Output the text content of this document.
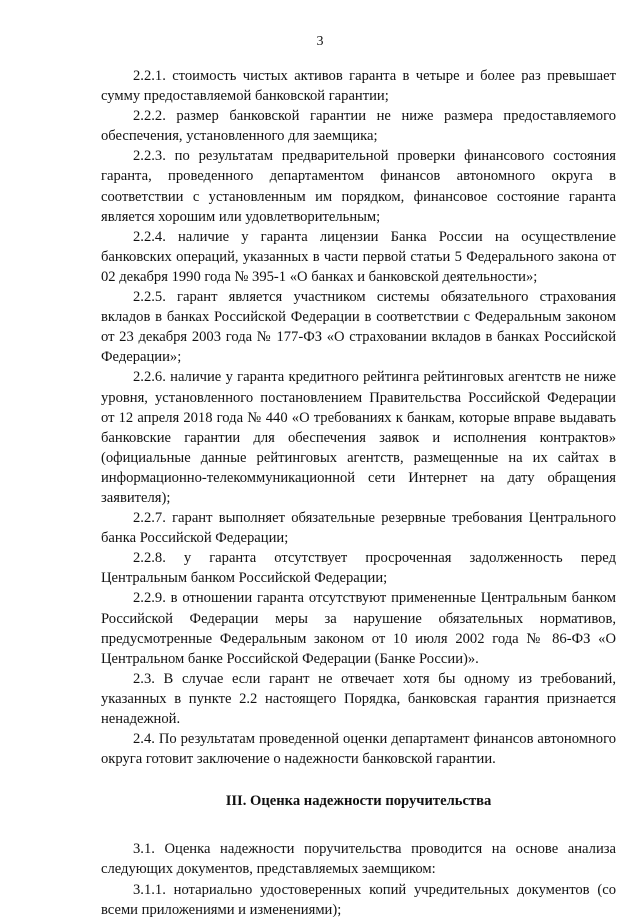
3

2.2.1. стоимость чистых активов гаранта в четыре и более раз превышает сумму предоставляемой банковской гарантии;

2.2.2. размер банковской гарантии не ниже размера предоставляемого обеспечения, установленного для заемщика;

2.2.3. по результатам предварительной проверки финансового состояния гаранта, проведенного департаментом финансов автономного округа в соответствии с установленным им порядком, финансовое состояние гаранта является хорошим или удовлетворительным;

2.2.4. наличие у гаранта лицензии Банка России на осуществление банковских операций, указанных в части первой статьи 5 Федерального закона от 02 декабря 1990 года № 395-1 «О банках и банковской деятельности»;

2.2.5. гарант является участником системы обязательного страхования вкладов в банках Российской Федерации в соответствии с Федеральным законом от 23 декабря 2003 года № 177-ФЗ «О страховании вкладов в банках Российской Федерации»;

2.2.6. наличие у гаранта кредитного рейтинга рейтинговых агентств не ниже уровня, установленного постановлением Правительства Российской Федерации от 12 апреля 2018 года № 440 «О требованиях к банкам, которые вправе выдавать банковские гарантии для обеспечения заявок и исполнения контрактов» (официальные данные рейтинговых агентств, размещенные на их сайтах в информационно-телекоммуникационной сети Интернет на дату обращения заявителя);

2.2.7. гарант выполняет обязательные резервные требования Центрального банка Российской Федерации;

2.2.8. у гаранта отсутствует просроченная задолженность перед Центральным банком Российской Федерации;

2.2.9. в отношении гаранта отсутствуют примененные Центральным банком Российской Федерации меры за нарушение обязательных нормативов, предусмотренные Федеральным законом от 10 июля 2002 года № 86-ФЗ «О Центральном банке Российской Федерации (Банке России)».

2.3. В случае если гарант не отвечает хотя бы одному из требований, указанных в пункте 2.2 настоящего Порядка, банковская гарантия признается ненадежной.

2.4. По результатам проведенной оценки департамент финансов автономного округа готовит заключение о надежности банковской гарантии.

III. Оценка надежности поручительства

3.1. Оценка надежности поручительства проводится на основе анализа следующих документов, представляемых заемщиком:

3.1.1. нотариально удостоверенных копий учредительных документов (со всеми приложениями и изменениями);
